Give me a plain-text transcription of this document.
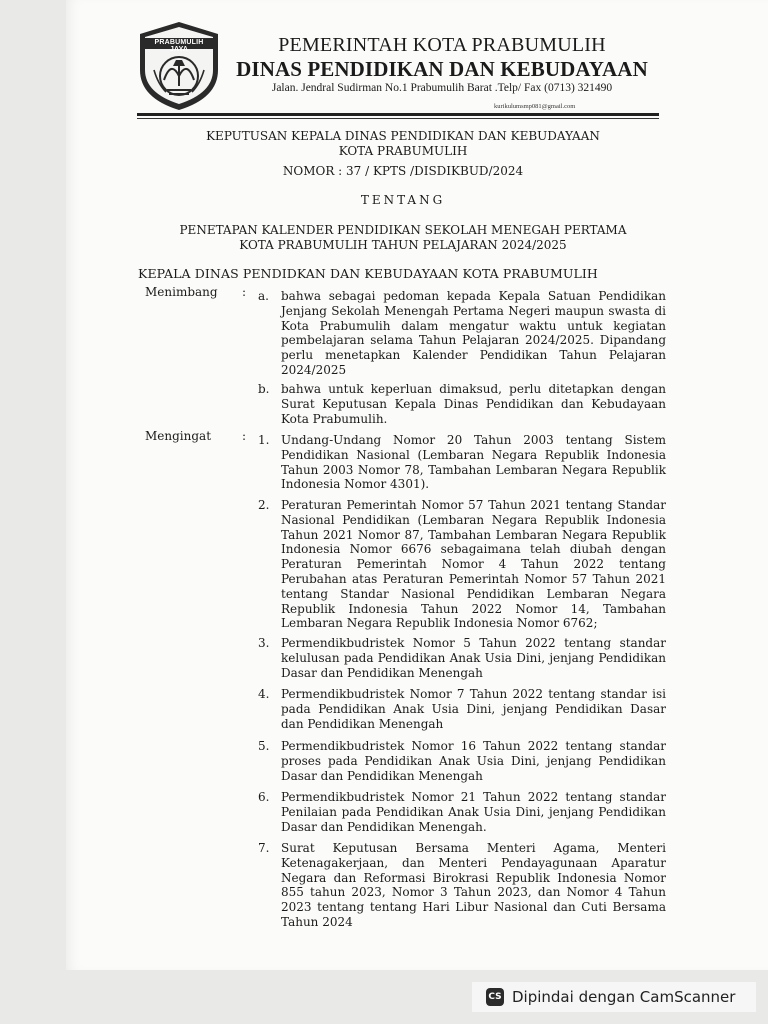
PRABUMULIH JAYA	PEMERINTAH KOTA PRABUMULIH
DINAS PENDIDIKAN DAN KEBUDAYAAN
Jalan. Jendral Sudirman No.1 Prabumulih Barat .Telp/ Fax (0713) 321490
kurikulumsmp081@gmail.com
KEPUTUSAN KEPALA DINAS PENDIDIKAN DAN KEBUDAYAAN
KOTA PRABUMULIH
NOMOR : 37 / KPTS /DISDIKBUD/2024
TENTANG
PENETAPAN KALENDER PENDIDIKAN SEKOLAH MENEGAH PERTAMA
KOTA PRABUMULIH TAHUN PELAJARAN 2024/2025
KEPALA DINAS PENDIDKAN DAN KEBUDAYAAN KOTA PRABUMULIH
Menimbang : a.	bahwa sebagai pedoman kepada Kepala Satuan Pendidikan Jenjang Sekolah Menengah Pertama Negeri maupun swasta di Kota Prabumulih dalam mengatur waktu untuk kegiatan pembelajaran selama Tahun Pelajaran 2024/2025. Dipandang perlu menetapkan Kalender Pendidikan Tahun Pelajaran 2024/2025
b. bahwa untuk keperluan dimaksud, perlu ditetapkan dengan Surat Keputusan Kepala Dinas Pendidikan dan Kebudayaan Kota Prabumulih.
Mengingat	: 1. Undang-Undang Nomor 20 Tahun 2003 tentang Sistem Pendidikan Nasional (Lembaran Negara Republik Indonesia Tahun 2003 Nomor 78, Tambahan Lembaran Negara Republik Indonesia Nomor 4301).
2. Peraturan Pemerintah Nomor 57 Tahun 2021 tentang Standar Nasional Pendidikan (Lembaran Negara Republik Indonesia Tahun 2021 Nomor 87, Tambahan Lembaran Negara Republik Indonesia Nomor 6676 sebagaimana telah diubah dengan Peraturan Pemerintah Nomor 4 Tahun 2022 tentang Perubahan atas Peraturan Pemerintah Nomor 57 Tahun 2021 tentang Standar Nasional Pendidikan Lembaran Negara Republik Indonesia Tahun 2022 Nomor 14, Tambahan Lembaran Negara Republik Indonesia Nomor 6762;
3. Permendikbudristek Nomor 5 Tahun 2022 tentang standar kelulusan pada Pendidikan Anak Usia Dini, jenjang Pendidikan Dasar dan Pendidikan Menengah
4. Permendikbudristek Nomor 7 Tahun 2022 tentang standar isi pada Pendidikan Anak Usia Dini, jenjang Pendidikan Dasar dan Pendidikan Menengah
5. Permendikbudristek Nomor 16 Tahun 2022 tentang standar proses pada Pendidikan Anak Usia Dini, jenjang Pendidikan Dasar dan Pendidikan Menengah
6. Permendikbudristek Nomor 21 Tahun 2022 tentang standar Penilaian pada Pendidikan Anak Usia Dini, jenjang Pendidikan Dasar dan Pendidikan Menengah.
7. Surat Keputusan Bersama Menteri Agama, Menteri Ketenagakerjaan, dan Menteri Pendayagunaan Aparatur Negara dan Reformasi Birokrasi Republik Indonesia Nomor 855 tahun 2023, Nomor 3 Tahun 2023, dan Nomor 4 Tahun 2023 tentang tentang Hari Libur Nasional dan Cuti Bersama Tahun 2024
CS Dipindai dengan CamScanner
